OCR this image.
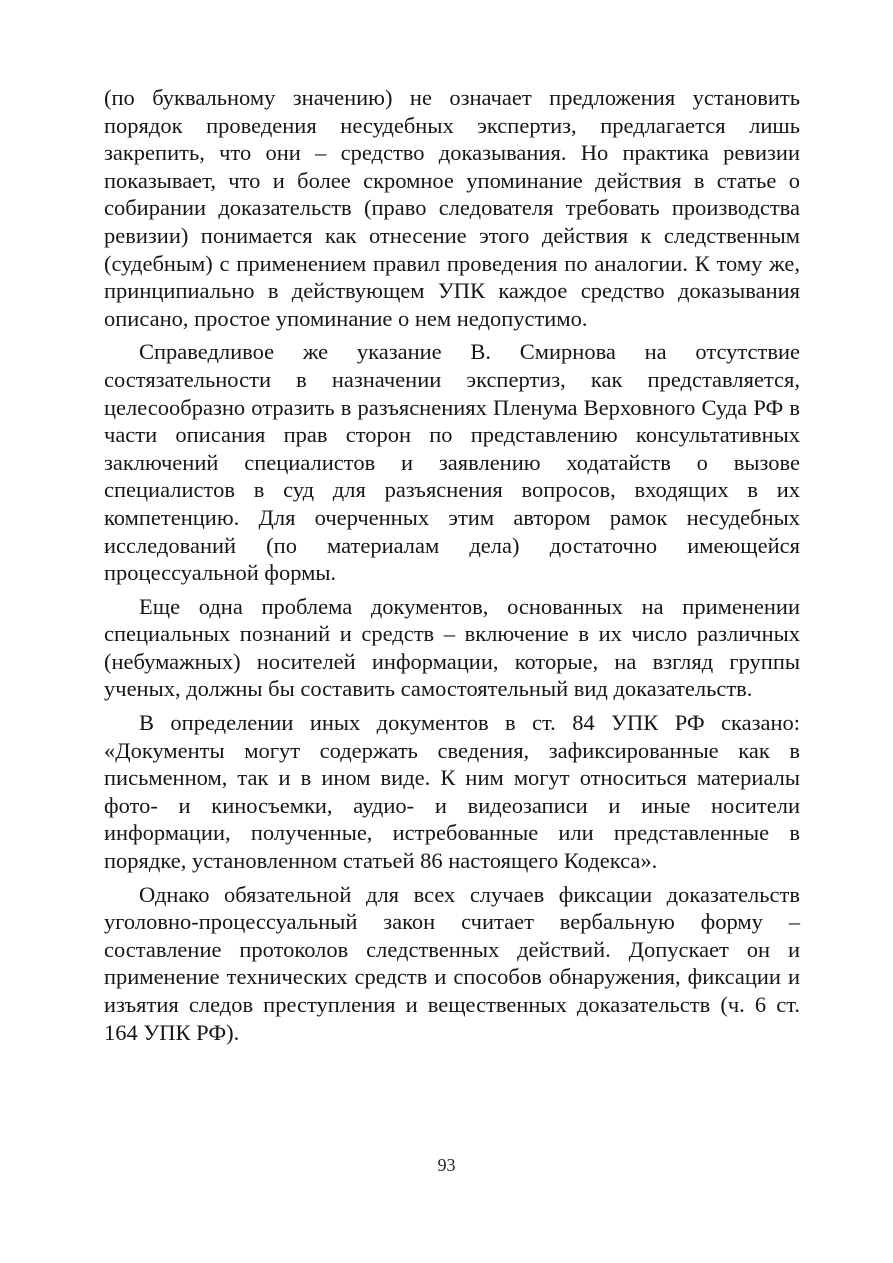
(по буквальному значению) не означает предложения установить порядок проведения несудебных экспертиз, предлагается лишь закрепить, что они – средство доказывания. Но практика ревизии показывает, что и более скромное упоминание действия в статье о собирании доказательств (право следователя требовать производства ревизии) понимается как отнесение этого действия к следственным (судебным) с применением правил проведения по аналогии. К тому же, принципиально в действующем УПК каждое средство доказывания описано, простое упоминание о нем недопустимо.

Справедливое же указание В. Смирнова на отсутствие состязательности в назначении экспертиз, как представляется, целесообразно отразить в разъяснениях Пленума Верховного Суда РФ в части описания прав сторон по представлению консультативных заключений специалистов и заявлению ходатайств о вызове специалистов в суд для разъяснения вопросов, входящих в их компетенцию. Для очерченных этим автором рамок несудебных исследований (по материалам дела) достаточно имеющейся процессуальной формы.

Еще одна проблема документов, основанных на применении специальных познаний и средств – включение в их число различных (небумажных) носителей информации, которые, на взгляд группы ученых, должны бы составить самостоятельный вид доказательств.

В определении иных документов в ст. 84 УПК РФ сказано: «Документы могут содержать сведения, зафиксированные как в письменном, так и в ином виде. К ним могут относиться материалы фото- и киносъемки, аудио- и видеозаписи и иные носители информации, полученные, истребованные или представленные в порядке, установленном статьей 86 настоящего Кодекса».

Однако обязательной для всех случаев фиксации доказательств уголовно-процессуальный закон считает вербальную форму – составление протоколов следственных действий. Допускает он и применение технических средств и способов обнаружения, фиксации и изъятия следов преступления и вещественных доказательств (ч. 6 ст. 164 УПК РФ).

93
